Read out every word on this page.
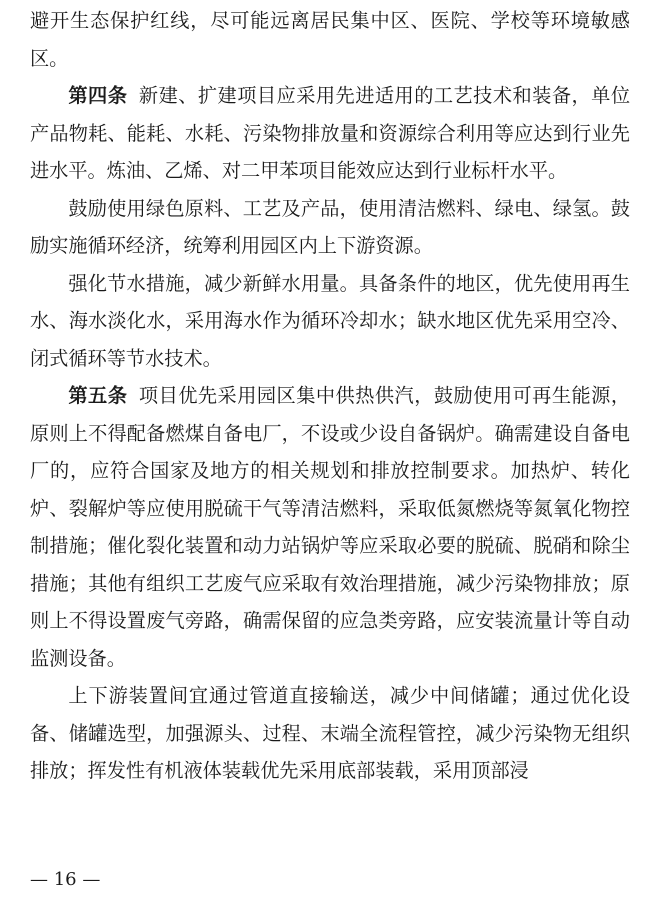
避开生态保护红线，尽可能远离居民集中区、医院、学校等环境敏感区。

第四条 新建、扩建项目应采用先进适用的工艺技术和装备，单位产品物耗、能耗、水耗、污染物排放量和资源综合利用等应达到行业先进水平。炼油、乙烯、对二甲苯项目能效应达到行业标杆水平。

鼓励使用绿色原料、工艺及产品，使用清洁燃料、绿电、绿氢。鼓励实施循环经济，统筹利用园区内上下游资源。

强化节水措施，减少新鲜水用量。具备条件的地区，优先使用再生水、海水淡化水，采用海水作为循环冷却水；缺水地区优先采用空冷、闭式循环等节水技术。

第五条 项目优先采用园区集中供热供汽，鼓励使用可再生能源，原则上不得配备燃煤自备电厂，不设或少设自备锅炉。确需建设自备电厂的，应符合国家及地方的相关规划和排放控制要求。加热炉、转化炉、裂解炉等应使用脱硫干气等清洁燃料，采取低氮燃烧等氮氧化物控制措施；催化裂化装置和动力站锅炉等应采取必要的脱硫、脱硝和除尘措施；其他有组织工艺废气应采取有效治理措施，减少污染物排放；原则上不得设置废气旁路，确需保留的应急类旁路，应安装流量计等自动监测设备。

上下游装置间宜通过管道直接输送，减少中间储罐；通过优化设备、储罐选型，加强源头、过程、末端全流程管控，减少污染物无组织排放；挥发性有机液体装载优先采用底部装载，采用顶部浸

— 16 —
